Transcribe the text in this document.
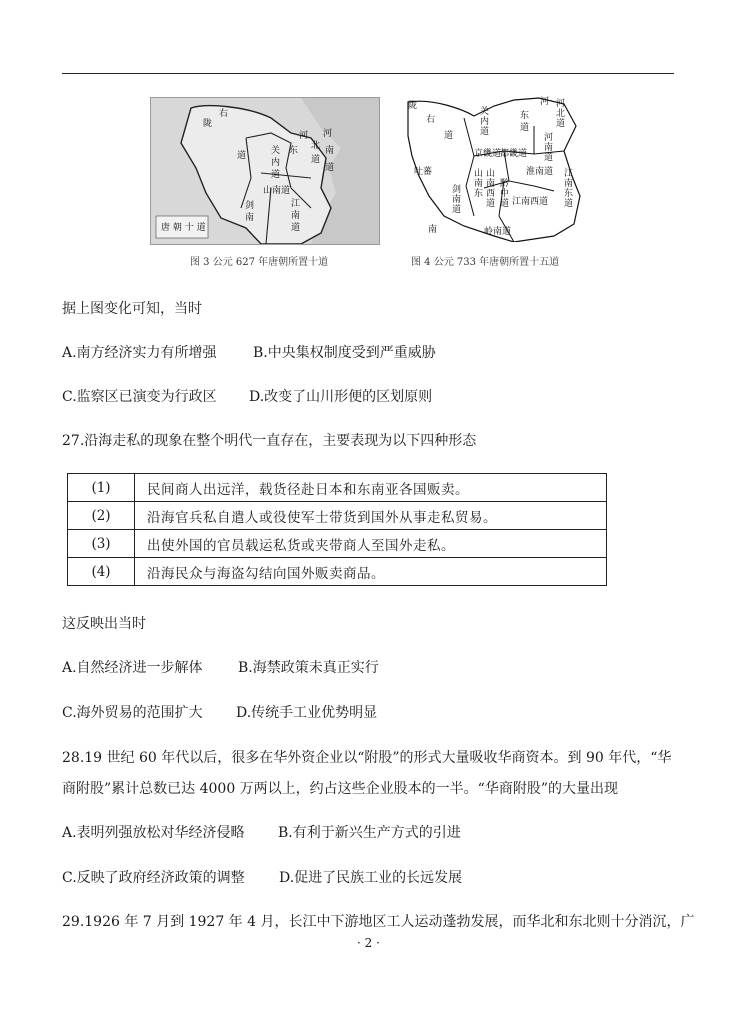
陇
右
道	关
内
道
河
东 北
道
河
南
道
山南道
剑
南
江
南
道
唐 朝 十 道
图 3 公元 627 年唐朝所置十道
陇
右
道
关
内
道
河
东
道
河
北
道
河
南
道
京畿道
都畿道
山
南
东
山
南
西
道
黔
中
道
淮南道 江
南
东
道
江南西道
剑
南
道
吐蕃
南	岭南道
图 4 公元 733 年唐朝所置十五道
据上图变化可知，当时
A.南方经济实力有所增强	B.中央集权制度受到严重威胁
C.监察区已演变为行政区 D.改变了山川形便的区划原则
27.沿海走私的现象在整个明代一直存在，主要表现为以下四种形态
(1)	民间商人出远洋，载货径赴日本和东南亚各国贩卖。
(2)	沿海官兵私自遣人或役使军士带货到国外从事走私贸易。
(3)	出使外国的官员载运私货或夹带商人至国外走私。
(4)	沿海民众与海盗勾结向国外贩卖商品。
这反映出当时
A.自然经济进一步解体	B.海禁政策未真正实行
C.海外贸易的范围扩大 D.传统手工业优势明显
28.19 世纪 60 年代以后，很多在华外资企业以“附股”的形式大量吸收华商资本。到 90 年代，“华
商附股”累计总数已达 4000 万两以上，约占这些企业股本的一半。“华商附股”的大量出现
A.表明列强放松对华经济侵略 B.有利于新兴生产方式的引进
C.反映了政府经济政策的调整 D.促进了民族工业的长远发展
29.1926 年 7 月到 1927 年 4 月，长江中下游地区工人运动蓬勃发展，而华北和东北则十分消沉，广
· 2 ·
